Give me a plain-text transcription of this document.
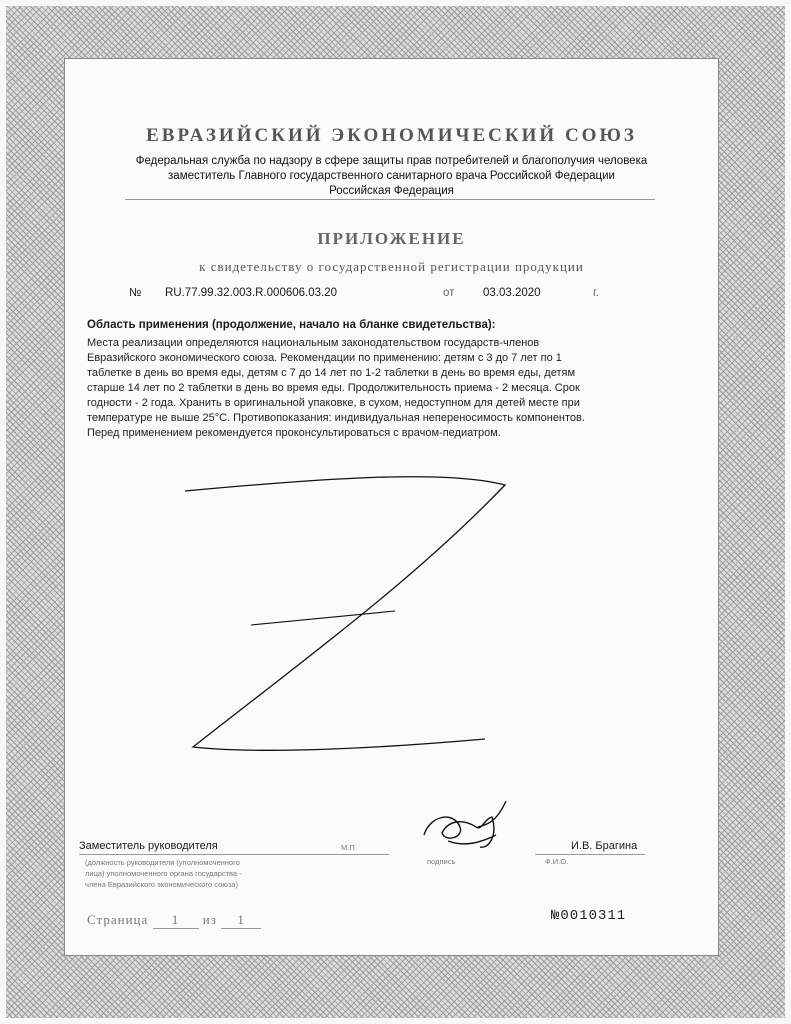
ЕВРАЗИЙСКИЙ ЭКОНОМИЧЕСКИЙ СОЮЗ
Федеральная служба по надзору в сфере защиты прав потребителей и благополучия человека
заместитель Главного государственного санитарного врача Российской Федерации
Российская Федерация
ПРИЛОЖЕНИЕ
к свидетельству о государственной регистрации продукции
№ RU.77.99.32.003.R.000606.03.20	от 03.03.2020	г.
Область применения (продолжение, начало на бланке свидетельства):
Места реализации определяются национальным законодательством государств-членов
Евразийского экономического союза. Рекомендации по применению: детям с 3 до 7 лет по 1
таблетке в день во время еды, детям с 7 до 14 лет по 1-2 таблетки в день во время еды, детям
старше 14 лет по 2 таблетки в день во время еды. Продолжительность приема - 2 месяца. Срок
годности - 2 года. Хранить в оригинальной упаковке, в сухом, недоступном для детей месте при
температуре не выше 25°С. Противопоказания: индивидуальная непереносимость компонентов.
Перед применением рекомендуется проконсультироваться с врачом-педиатром.
Заместитель руководителя	М.П.
подпись
И.В. Брагина
Ф.И.О.
(должность руководителя (уполномоченного
лица) уполномоченного органа государства -
члена Евразийского экономического союза)
Страница 1 из 1	№0010311
